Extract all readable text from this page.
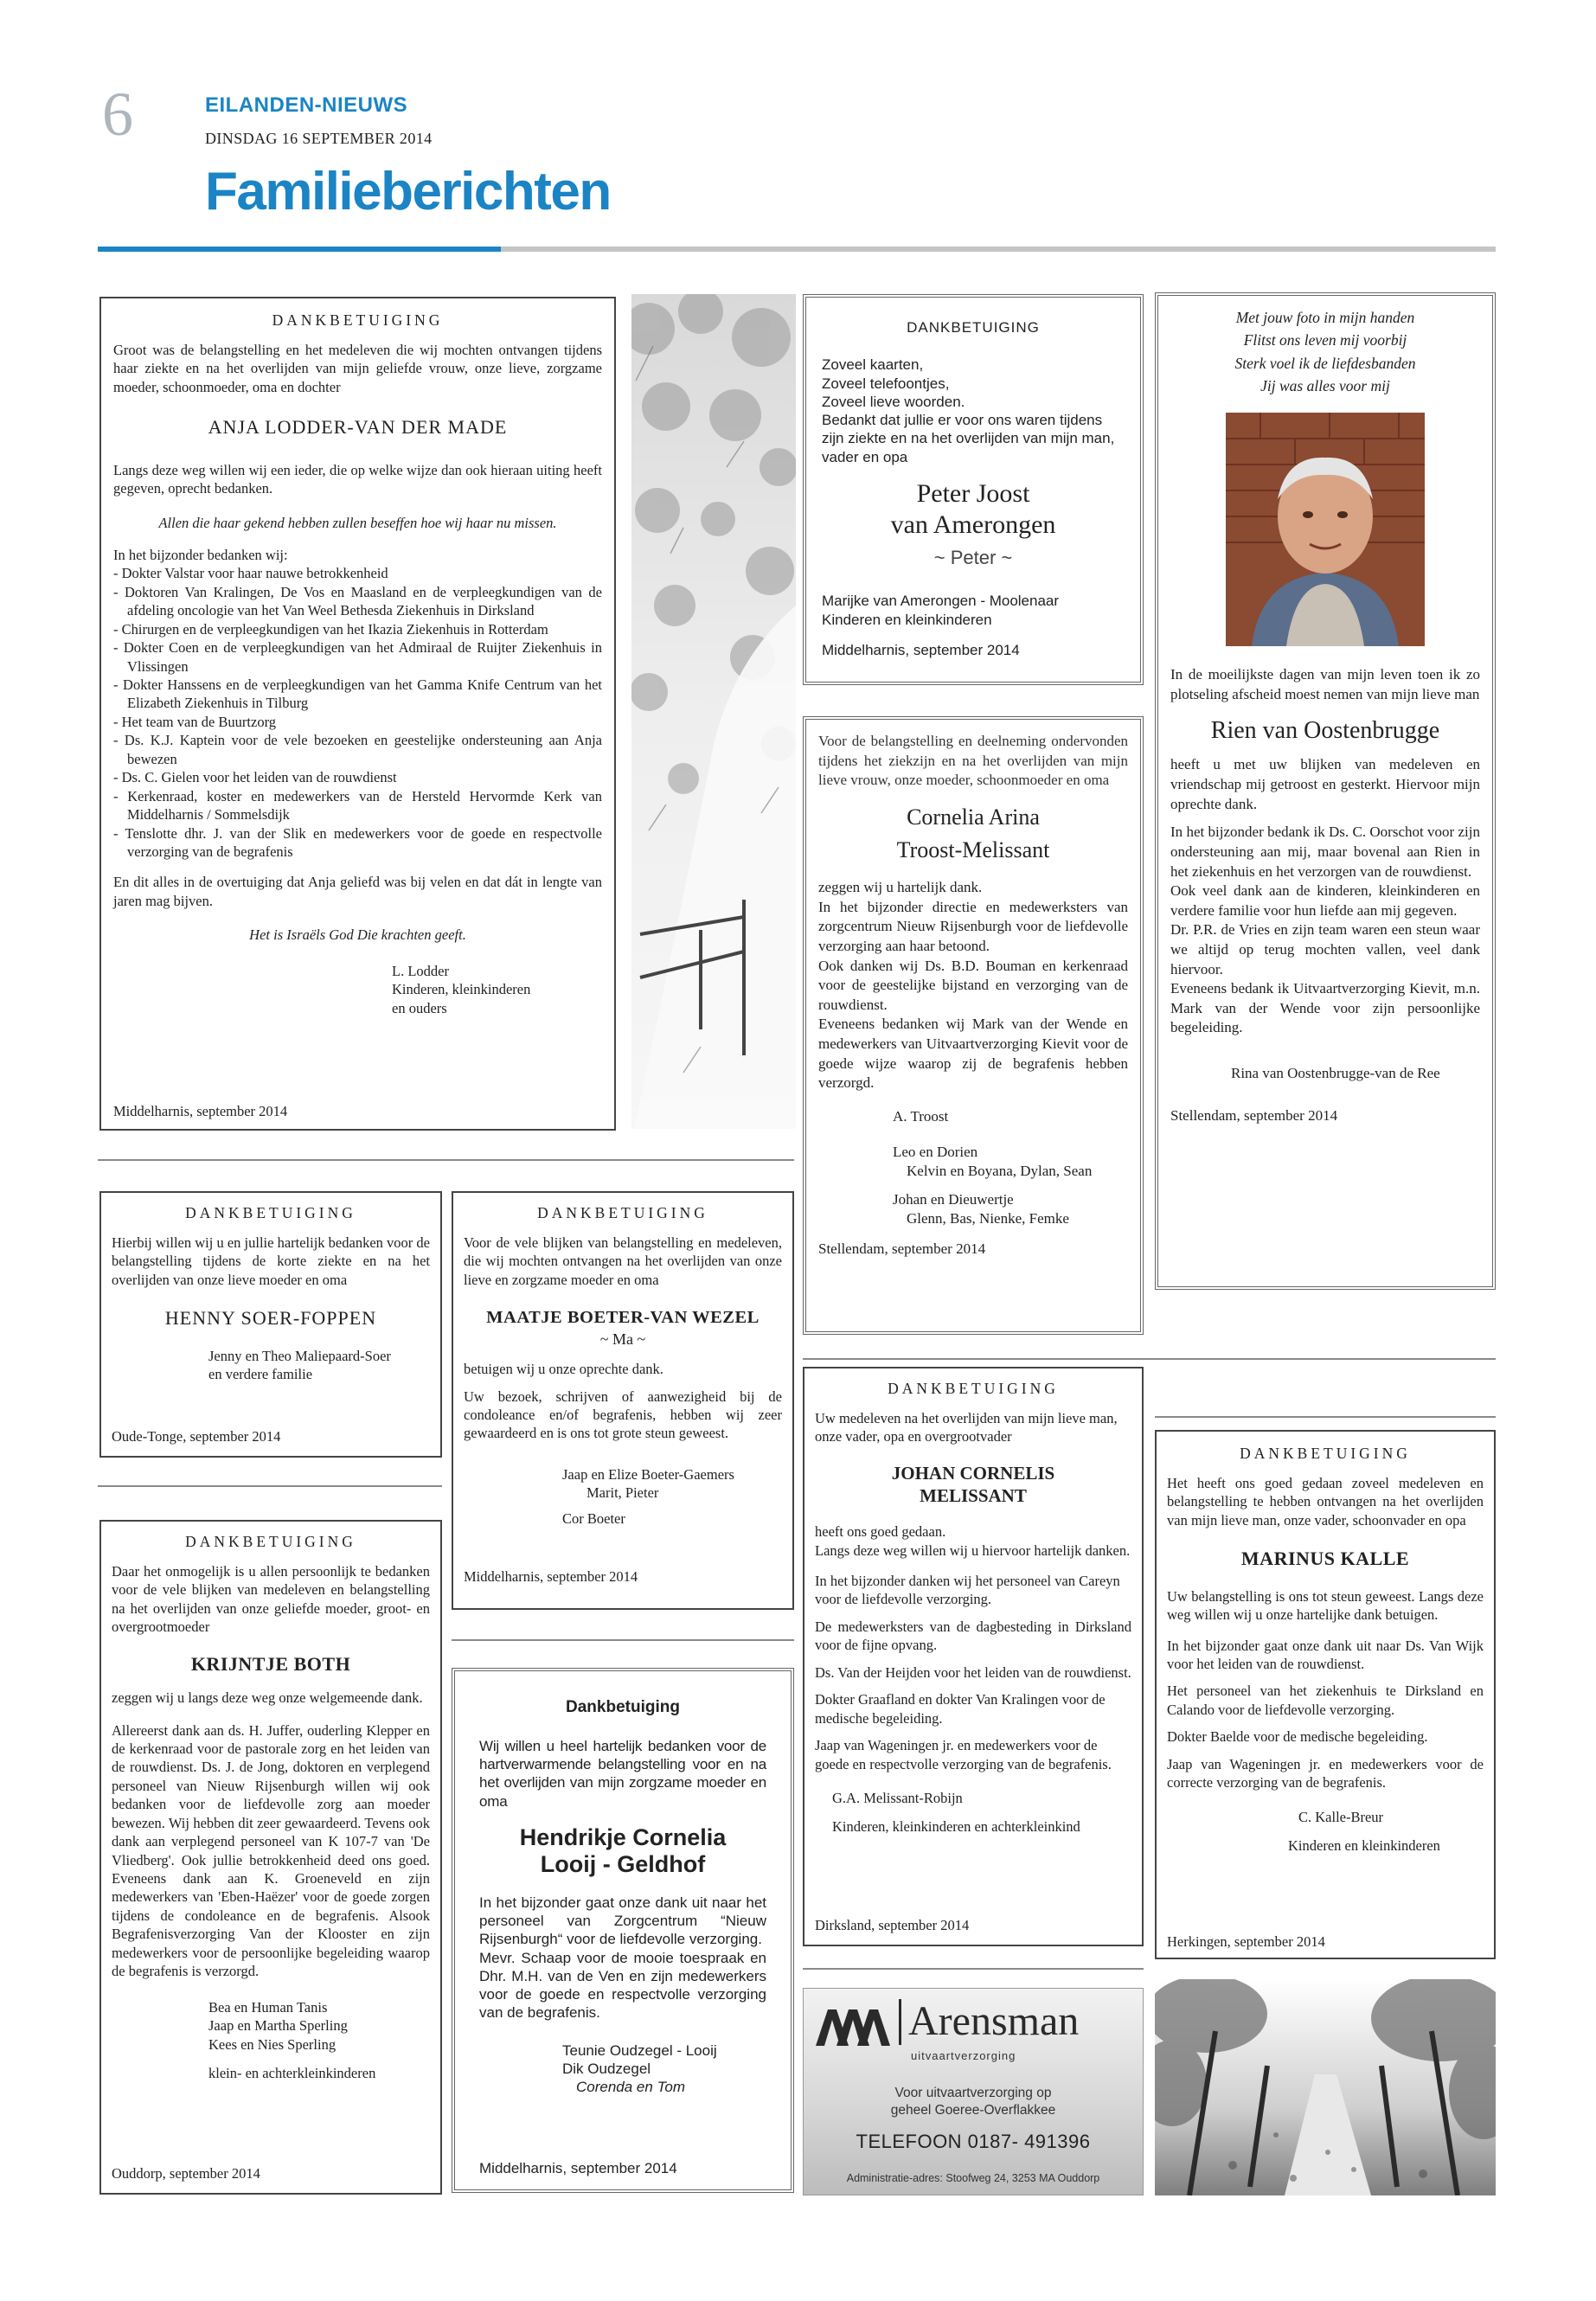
6	EILANDEN-NIEUWS
DINSDAG 16 SEPTEMBER 2014
Familieberichten
DANKBETUIGING

Groot was de belangstelling en het medeleven die wij mochten ontvangen tijdens haar ziekte en na het overlijden van mijn geliefde vrouw, onze lieve, zorgzame moeder, schoonmoeder, oma en dochter

ANJA LODDER-VAN DER MADE

Langs deze weg willen wij een ieder, die op welke wijze dan ook hieraan uiting heeft gegeven, oprecht bedanken.

Allen die haar gekend hebben zullen beseffen hoe wij haar nu missen.

In het bijzonder bedanken wij:
- Dokter Valstar voor haar nauwe betrokkenheid
- Doktoren Van Kralingen, De Vos en Maasland en de verpleegkundigen van de afdeling oncologie van het Van Weel Bethesda Ziekenhuis in Dirksland
- Chirurgen en de verpleegkundigen van het Ikazia Ziekenhuis in Rotterdam
- Dokter Coen en de verpleegkundigen van het Admiraal de Ruijter Ziekenhuis in Vlissingen
- Dokter Hanssens en de verpleegkundigen van het Gamma Knife Centrum van het Elizabeth Ziekenhuis in Tilburg
- Het team van de Buurtzorg
- Ds. K.J. Kaptein voor de vele bezoeken en geestelijke ondersteuning aan Anja bewezen
- Ds. C. Gielen voor het leiden van de rouwdienst
- Kerkenraad, koster en medewerkers van de Hersteld Hervormde Kerk van Middelharnis / Sommelsdijk
- Tenslotte dhr. J. van der Slik en medewerkers voor de goede en respectvolle verzorging van de begrafenis

En dit alles in de overtuiging dat Anja geliefd was bij velen en dat dát in lengte van jaren mag bijven.

Het is Israëls God Die krachten geeft.

L. Lodder
Kinderen, kleinkinderen
en ouders
Middelharnis, september 2014
DANKBETUIGING
Zoveel kaarten,
Zoveel telefoontjes,
Zoveel lieve woorden.
Bedankt dat jullie er voor ons waren tijdens zijn ziekte en na het overlijden van mijn man, vader en opa
Peter Joost
van Amerongen
~ Peter ~
Marijke van Amerongen - Moolenaar
Kinderen en kleinkinderen
Middelharnis, september 2014
Met jouw foto in mijn handen
Flitst ons leven mij voorbij
Sterk voel ik de liefdesbanden
Jij was alles voor mij

In de moeilijkste dagen van mijn leven toen ik zo plotseling afscheid moest nemen van mijn lieve man

Rien van Oostenbrugge

heeft u met uw blijken van medeleven en vriendschap mij getroost en gesterkt. Hiervoor mijn oprechte dank.

In het bijzonder bedank ik Ds. C. Oorschot voor zijn ondersteuning aan mij, maar bovenal aan Rien in het ziekenhuis en het verzorgen van de rouwdienst.

Ook veel dank aan de kinderen, kleinkinderen en verdere familie voor hun liefde aan mij gegeven.

Dr. P.R. de Vries en zijn team waren een steun waar we altijd op terug mochten vallen, veel dank hiervoor.

Eveneens bedank ik Uitvaartverzorging Kievit, m.n. Mark van der Wende voor zijn persoonlijke begeleiding.

Rina van Oostenbrugge-van de Ree
Stellendam, september 2014

Voor de belangstelling en deelneming ondervonden tijdens het ziekzijn en na het overlijden van mijn lieve vrouw, onze moeder, schoonmoeder en oma

Cornelia Arina
Troost-Melissant
zeggen wij u hartelijk dank.
In het bijzonder directie en medewerksters van zorgcentrum Nieuw Rijsenburgh voor de liefdevolle verzorging aan haar betoond.
Ook danken wij Ds. B.D. Bouman en kerkenraad voor de geestelijke bijstand en verzorging van de rouwdienst.
Eveneens bedanken wij Mark van der Wende en medewerkers van Uitvaartverzorging Kievit voor de goede wijze waarop zij de begrafenis hebben verzorgd.
A. Troost
Leo en Dorien
Kelvin en Boyana, Dylan, Sean
Johan en Dieuwertje
Glenn, Bas, Nienke, Femke
Stellendam, september 2014
DANKBETUIGING

Hierbij willen wij u en jullie hartelijk bedanken voor de belangstelling tijdens de korte ziekte en na het overlijden van onze lieve moeder en oma

HENNY SOER-FOPPEN
Jenny en Theo Maliepaard-Soer
en verdere familie
Oude-Tonge, september 2014
DANKBETUIGING

Voor de vele blijken van belangstelling en medeleven, die wij mochten ontvangen na het overlijden van onze lieve en zorgzame moeder en oma

MAATJE BOETER-VAN WEZEL
~ Ma ~

betuigen wij u onze oprechte dank.

Uw bezoek, schrijven of aanwezigheid bij de condoleance en/of begrafenis, hebben wij zeer gewaardeerd en is ons tot grote steun geweest.

Jaap en Elize Boeter-Gaemers
Marit, Pieter
Cor Boeter
Middelharnis, september 2014
DANKBETUIGING

Uw medeleven na het overlijden van mijn lieve man, onze vader, opa en overgrootvader

JOHAN CORNELIS
MELISSANT
heeft ons goed gedaan.

Langs deze weg willen wij u hiervoor hartelijk danken.

In het bijzonder danken wij het personeel van Careyn voor de liefdevolle verzorging.

De medewerksters van de dagbesteding in Dirksland voor de fijne opvang.

Ds. Van der Heijden voor het leiden van de rouwdienst.

Dokter Graafland en dokter Van Kralingen voor de medische begeleiding.

Jaap van Wageningen jr. en medewerkers voor de goede en respectvolle verzorging van de begrafenis.

G.A. Melissant-Robijn
Kinderen, kleinkinderen en achterkleinkind
Dirksland, september 2014
DANKBETUIGING

Het heeft ons goed gedaan zoveel medeleven en belangstelling te hebben ontvangen na het overlijden van mijn lieve man, onze vader, schoonvader en opa

MARINUS KALLE

Uw belangstelling is ons tot steun geweest. Langs deze weg willen wij u onze hartelijke dank betuigen.

In het bijzonder gaat onze dank uit naar Ds. Van Wijk voor het leiden van de rouwdienst.

Het personeel van het ziekenhuis te Dirksland en Calando voor de liefdevolle verzorging.

Dokter Baelde voor de medische begeleiding.

Jaap van Wageningen jr. en medewerkers voor de correcte verzorging van de begrafenis.

C. Kalle-Breur
Kinderen en kleinkinderen
Herkingen, september 2014
DANKBETUIGING

Daar het onmogelijk is u allen persoonlijk te bedanken voor de vele blijken van medeleven en belangstelling na het overlijden van onze geliefde moeder, groot- en overgrootmoeder

KRIJNTJE BOTH

zeggen wij u langs deze weg onze welgemeende dank.

Allereerst dank aan ds. H. Juffer, ouderling Klepper en de kerkenraad voor de pastorale zorg en het leiden van de rouwdienst. Ds. J. de Jong, doktoren en verplegend personeel van Nieuw Rijsenburgh willen wij ook bedanken voor de liefdevolle zorg aan moeder bewezen. Wij hebben dit zeer gewaardeerd. Tevens ook dank aan verplegend personeel van K 107-7 van 'De Vliedberg'. Ook jullie betrokkenheid deed ons goed. Eveneens dank aan K. Groeneveld en zijn medewerkers van 'Eben-Haëzer' voor de goede zorgen tijdens de condoleance en de begrafenis. Alsook Begrafenisverzorging Van der Klooster en zijn medewerkers voor de persoonlijke begeleiding waarop de begrafenis is verzorgd.

Bea en Human Tanis
Jaap en Martha Sperling
Kees en Nies Sperling
klein- en achterkleinkinderen
Ouddorp, september 2014
Dankbetuiging

Wij willen u heel hartelijk bedanken voor de hartverwarmende belangstelling voor en na het overlijden van mijn zorgzame moeder en oma

Hendrikje Cornelia
Looij - Geldhof

In het bijzonder gaat onze dank uit naar het personeel van Zorgcentrum “Nieuw Rijsenburgh“ voor de liefdevolle verzorging.

Mevr. Schaap voor de mooie toespraak en Dhr. M.H. van de Ven en zijn medewerkers voor de goede en respectvolle verzorging van de begrafenis.

Teunie Oudzegel - Looij
Dik Oudzegel
Corenda en Tom
Middelharnis, september 2014
Arensman
uitvaartverzorging
Voor uitvaartverzorging op
geheel Goeree-Overflakkee
TELEFOON 0187- 491396
Administratie-adres: Stoofweg 24, 3253 MA Ouddorp
